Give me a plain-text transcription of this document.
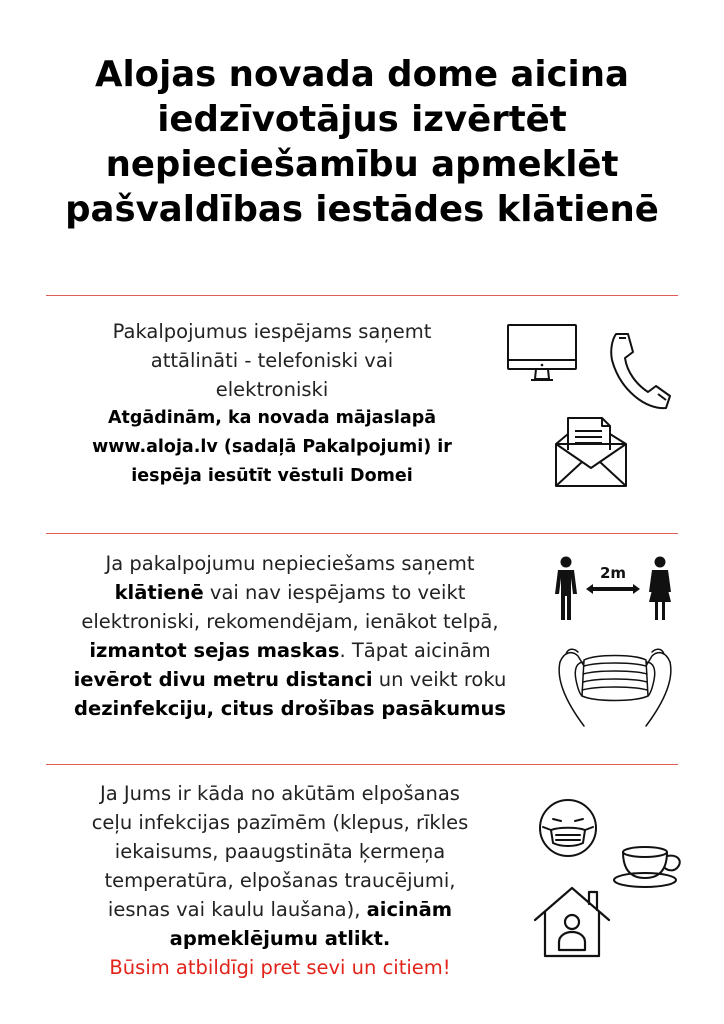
Alojas novada dome aicina
iedzīvotājus izvērtēt
nepieciešamību apmeklēt
pašvaldības iestādes klātienē
Pakalpojumus iespējams saņemt
attālināti - telefoniski vai
elektroniski
Atgādinām, ka novada mājaslapā
www.aloja.lv (sadaļā Pakalpojumi) ir
iespēja iesūtīt vēstuli Domei
Ja pakalpojumu nepieciešams saņemt
klātienē vai nav iespējams to veikt
elektroniski, rekomendējam, ienākot telpā,
izmantot sejas maskas. Tāpat aicinām
ievērot divu metru distanci un veikt roku
dezinfekciju, citus drošības pasākumus
2m
Ja Jums ir kāda no akūtām elpošanas
ceļu infekcijas pazīmēm (klepus, rīkles
iekaisums, paaugstināta ķermeņa
temperatūra, elpošanas traucējumi,
iesnas vai kaulu laušana), aicinām
apmeklējumu atlikt.
Būsim atbildīgi pret sevi un citiem!
